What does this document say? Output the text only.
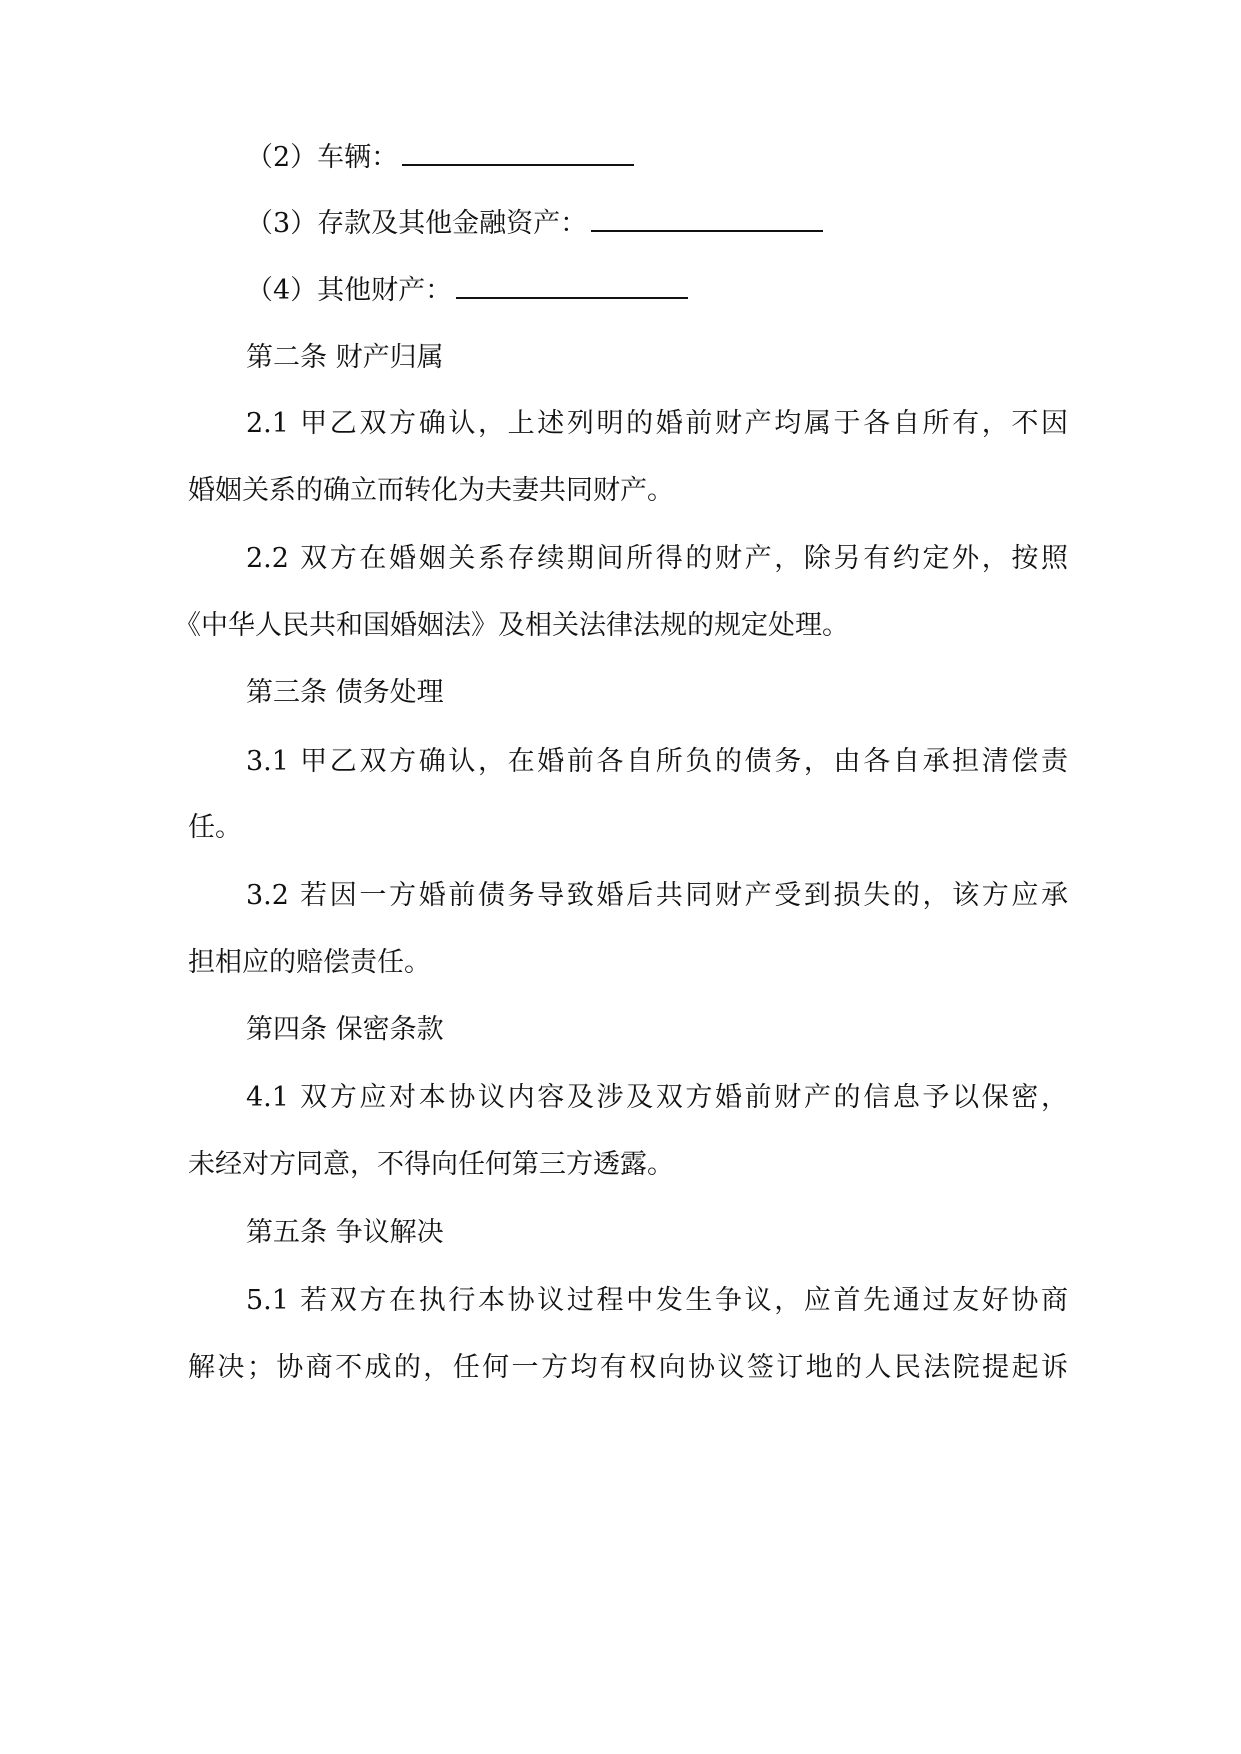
（2）车辆：
（3）存款及其他金融资产：
（4）其他财产：
第二条 财产归属
2.1 甲乙双方确认，上述列明的婚前财产均属于各自所有，不因
婚姻关系的确立而转化为夫妻共同财产。
2.2 双方在婚姻关系存续期间所得的财产，除另有约定外，按照
《中华人民共和国婚姻法》及相关法律法规的规定处理。
第三条 债务处理
3.1 甲乙双方确认，在婚前各自所负的债务，由各自承担清偿责
任。
3.2 若因一方婚前债务导致婚后共同财产受到损失的，该方应承
担相应的赔偿责任。
第四条 保密条款
4.1 双方应对本协议内容及涉及双方婚前财产的信息予以保密，
未经对方同意，不得向任何第三方透露。
第五条 争议解决
5.1 若双方在执行本协议过程中发生争议，应首先通过友好协商
解决；协商不成的，任何一方均有权向协议签订地的人民法院提起诉
